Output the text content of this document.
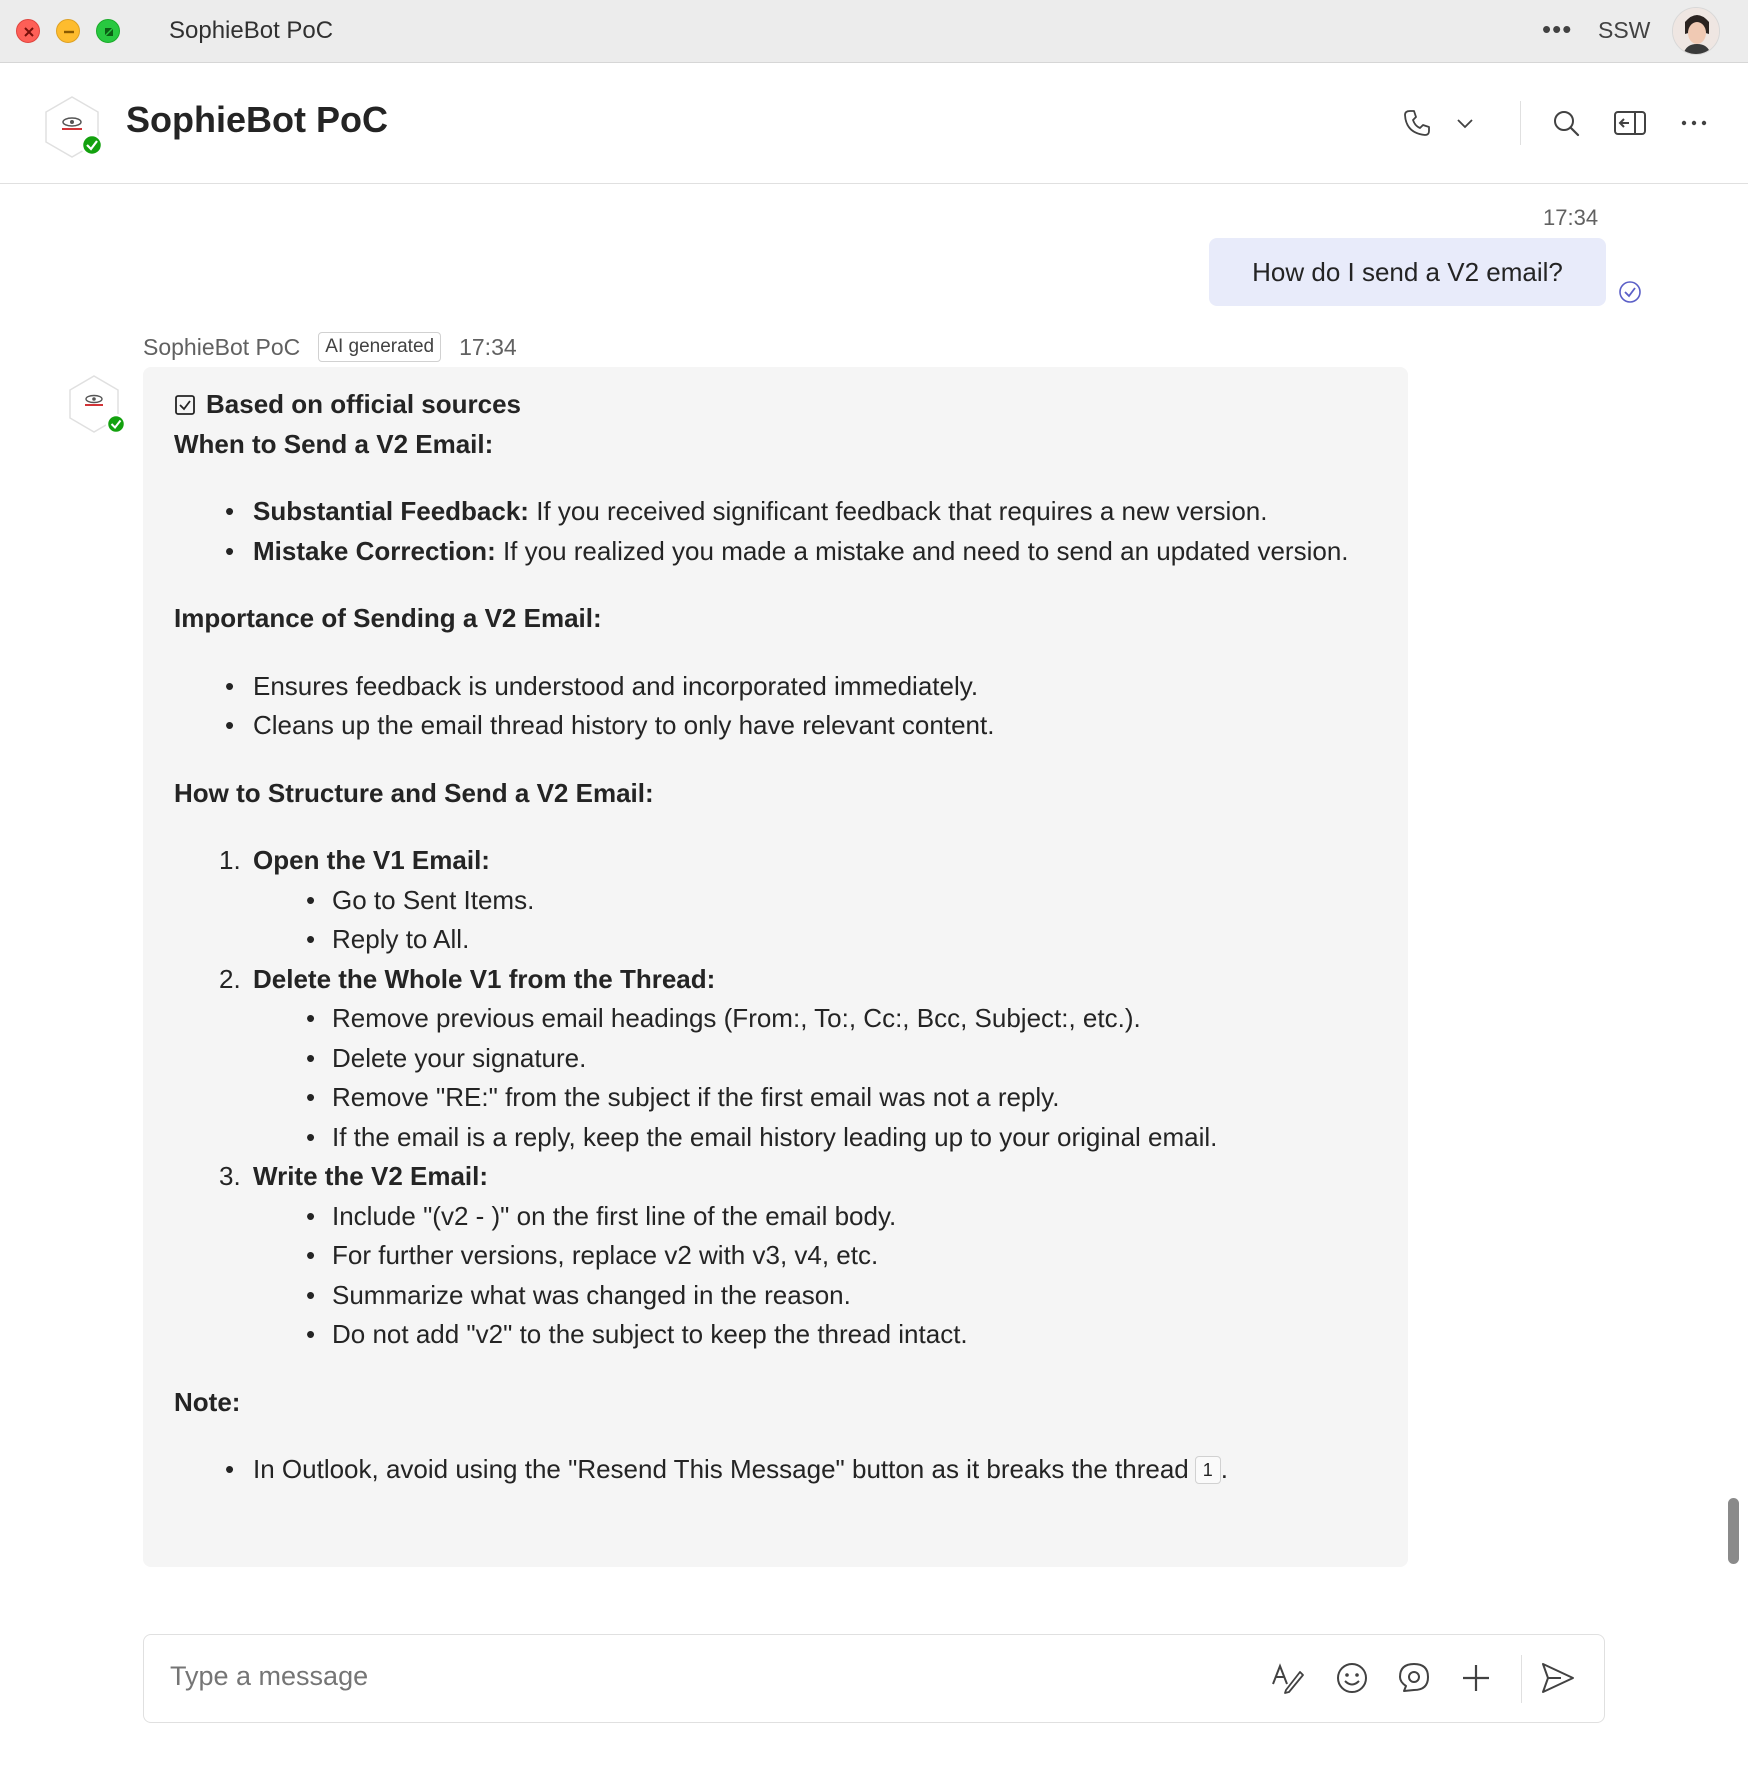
SophieBot PoC	••• SSW
SophieBot PoC
17:34
How do I send a V2 email?
SophieBot PoC	AI generated	17:34
Based on official sources
When to Send a V2 Email:
• Substantial Feedback: If you received significant feedback that requires a new version.
• Mistake Correction: If you realized you made a mistake and need to send an updated version.
Importance of Sending a V2 Email:
• Ensures feedback is understood and incorporated immediately.
• Cleans up the email thread history to only have relevant content.
How to Structure and Send a V2 Email:
1. Open the V1 Email:
• Go to Sent Items.
• Reply to All.
2. Delete the Whole V1 from the Thread:
• Remove previous email headings (From:, To:, Cc:, Bcc, Subject:, etc.).
• Delete your signature.
• Remove "RE:" from the subject if the first email was not a reply.
• If the email is a reply, keep the email history leading up to your original email.
3. Write the V2 Email:
• Include "(v2 - )" on the first line of the email body.
• For further versions, replace v2 with v3, v4, etc.
• Summarize what was changed in the reason.
• Do not add "v2" to the subject to keep the thread intact.
Note:
• In Outlook, avoid using the "Resend This Message" button as it breaks the thread 1 .
Type a message
